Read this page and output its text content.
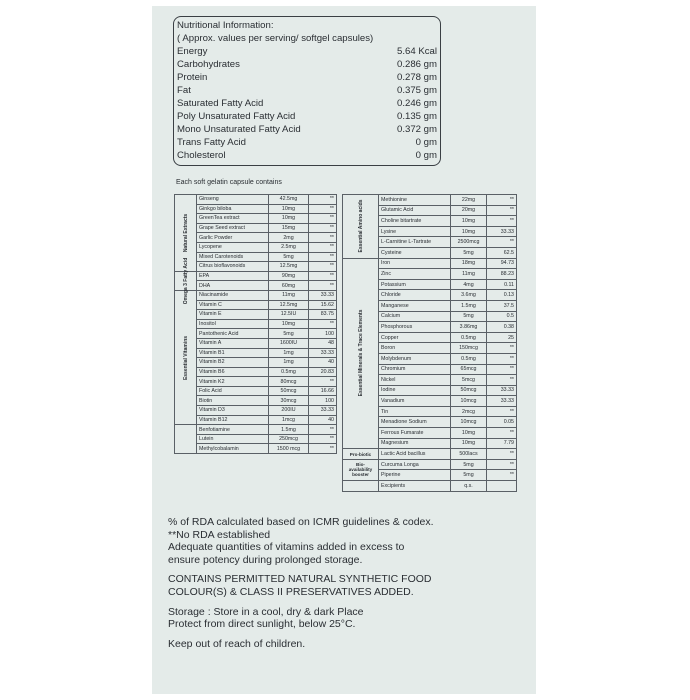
Nutritional Information:
( Approx. values per serving/ softgel capsules)
Energy	5.64 Kcal
Carbohydrates	0.286 gm
Protein	0.278 gm
Fat	0.375 gm
Saturated Fatty Acid	0.246 gm
Poly Unsaturated Fatty Acid	0.135 gm
Mono Unsaturated Fatty Acid	0.372 gm
Trans Fatty Acid	0 gm
Cholesterol	0 gm
Each soft gelatin capsule contains
Natural Extracts	Ginseng	42.5mg	**
	Ginkgo biloba	10mg	**
	GreenTea extract	10mg	**
	Grape Seed extract	15mg	**
	Garlic Powder	2mg	**
	Lycopene	2.5mg	**
	Mixed Carotenoids	5mg	**
	Citrus bioflavonoids	12.5mg	**

Omega 3 Fatty Acid	EPA	90mg	**
	DHA	60mg	**

Essential Vitamins	Niacinamide	11mg	33.33
	Vitamin C	12.5mg	15.62
	Vitamin E	12.5IU	83.75
	Inositol	10mg	**
	Pantothenic Acid	5mg	100
	Vitamin A	1600IU	48
	Vitamin B1	1mg	33.33
	Vitamin B2	1mg	40
	Vitamin B6	0.5mg	20.83
	Vitamin K2	80mcg	**
	Folic Acid	50mcg	16.66
	Biotin	30mcg	100
	Vitamin D3	200IU	33.33
	Vitamin B12	1mcg	40
	Benfotiamine	1.5mg	**
	Lutein	250mcg	**
	Methylcobalamin	1500 mcg	**
Essential Amino acids	Methionine	22mg	**
	Glutamic Acid	20mg	**
	Choline bitartrate	10mg	**
	Lysine	10mg	33.33
	L-Carnitine L-Tartrate	2500mcg	**
	Cysteine	5mg	62.5

Essential Minerals & Trace Elements	Iron	18mg	94.73
	Zinc	11mg	88.23
	Potassium	4mg	0.11
	Chloride	3.6mg	0.13
	Manganese	1.5mg	37.5
	Calcium	5mg	0.5
	Phosphorous	3.86mg	0.38
	Copper	0.5mg	25
	Boron	150mcg	**
	Molybdenum	0.5mg	**
	Chromium	65mcg	**
	Nickel	5mcg	**
	Iodine	50mcg	33.33
	Vanadium	10mcg	33.33
	Tin	2mcg	**
	Menadione Sodium	10mcg	0.05
	Ferrous Fumarate	10mg	**
	Magnesium	10mg	7.79
Pro-biotic	Lactic Acid bacillus	500lacs	**
Bio-availability booster	Curcuma Longa	5mg	**
	Piperine	5mg	**
	Excipients	q.s.	

% of RDA calculated based on ICMR guidelines & codex.

**No RDA established

Adequate quantities of vitamins added in excess to

ensure potency during prolonged storage.

CONTAINS PERMITTED NATURAL SYNTHETIC FOOD

COLOUR(S) & CLASS II PRESERVATIVES ADDED.

Storage : Store in a cool, dry & dark Place

Protect from direct sunlight, below 25°C.

Keep out of reach of children.
